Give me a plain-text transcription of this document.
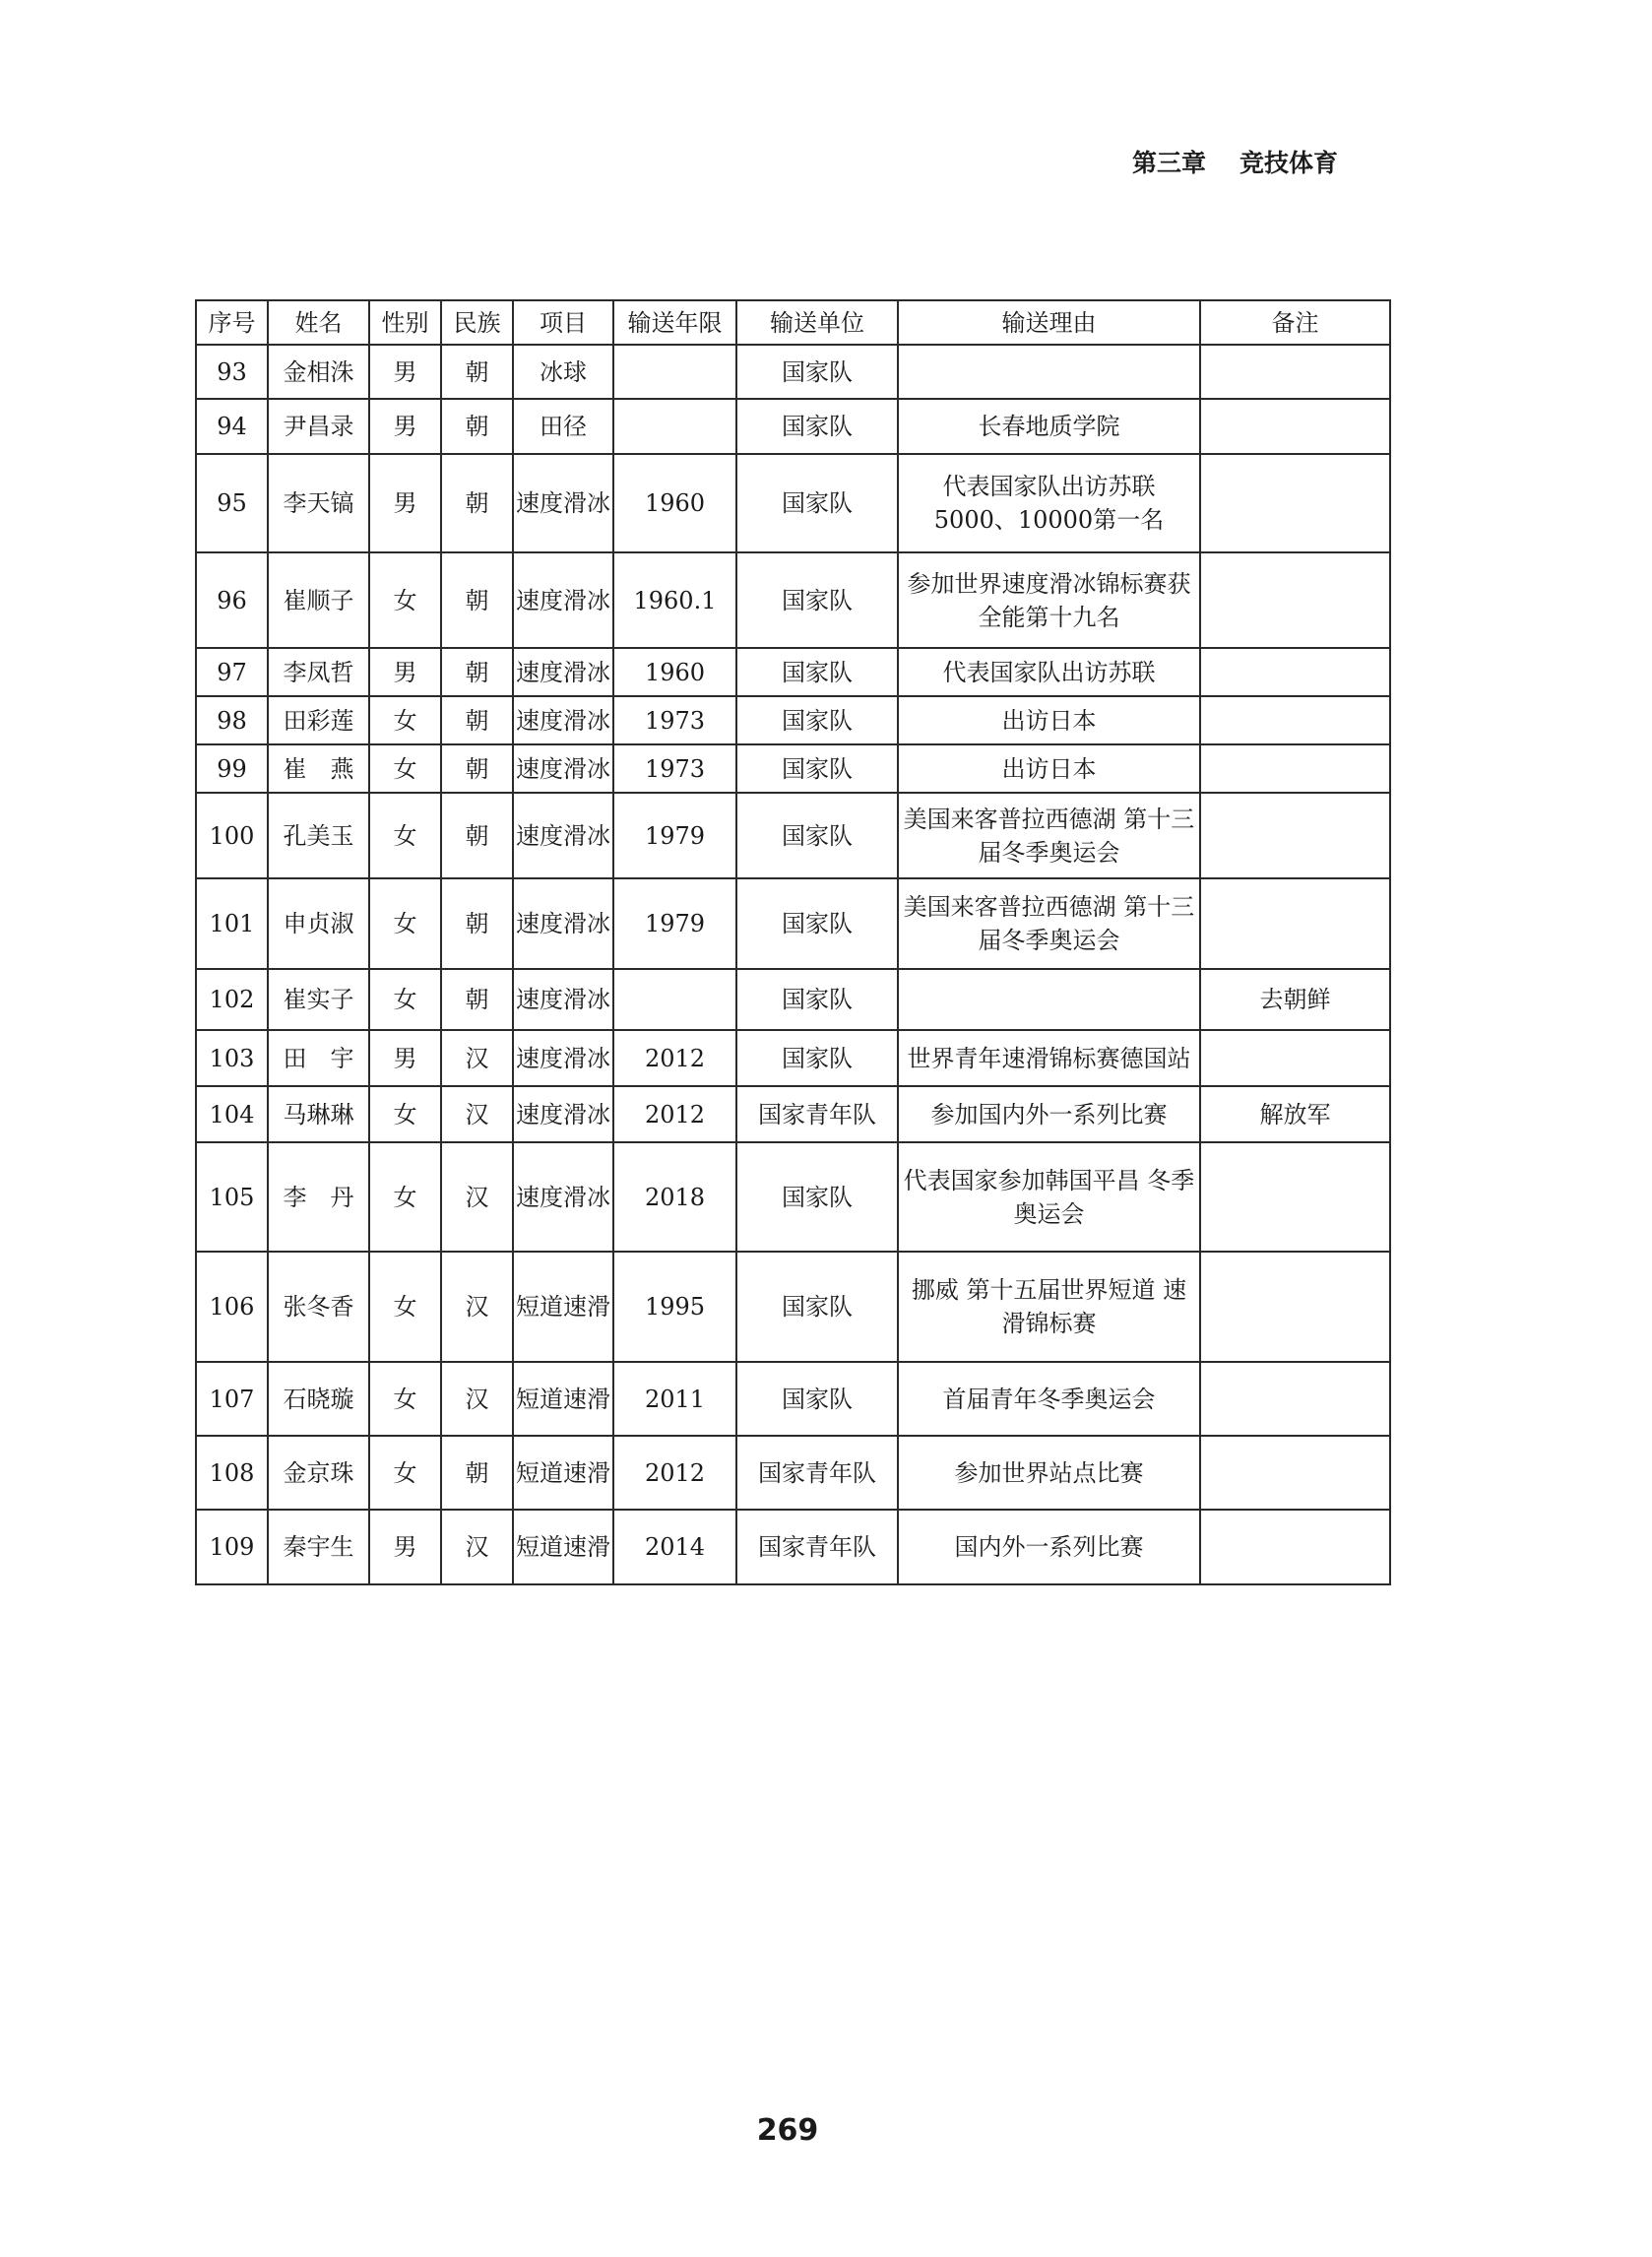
第三章 竞技体育
序号	姓名	性别	民族	项目	输送年限	输送单位	输送理由	备注
93	金相洙	男	朝	冰球		国家队		
94	尹昌录	男	朝	田径		国家队	长春地质学院	
95	李天镐	男	朝	速度滑冰	1960	国家队	代表国家队出访苏联 5000、10000第一名	
96	崔顺子	女	朝	速度滑冰	1960.1	国家队	参加世界速度滑冰锦标赛获全能第十九名	
97	李凤哲	男	朝	速度滑冰	1960	国家队	代表国家队出访苏联	
98	田彩莲	女	朝	速度滑冰	1973	国家队	出访日本	
99	崔　燕	女	朝	速度滑冰	1973	国家队	出访日本	
100	孔美玉	女	朝	速度滑冰	1979	国家队	美国来客普拉西德湖 第十三届冬季奥运会	
101	申贞淑	女	朝	速度滑冰	1979	国家队	美国来客普拉西德湖 第十三届冬季奥运会	
102	崔实子	女	朝	速度滑冰		国家队		去朝鲜
103	田　宇	男	汉	速度滑冰	2012	国家队	世界青年速滑锦标赛德国站	
104	马琳琳	女	汉	速度滑冰	2012	国家青年队	参加国内外一系列比赛	解放军
105	李　丹	女	汉	速度滑冰	2018	国家队	代表国家参加韩国平昌 冬季奥运会	
106	张冬香	女	汉	短道速滑	1995	国家队	挪威 第十五届世界短道 速滑锦标赛	
107	石晓璇	女	汉	短道速滑	2011	国家队	首届青年冬季奥运会	
108	金京珠	女	朝	短道速滑	2012	国家青年队	参加世界站点比赛	
109	秦宇生	男	汉	短道速滑	2014	国家青年队	国内外一系列比赛	
269
